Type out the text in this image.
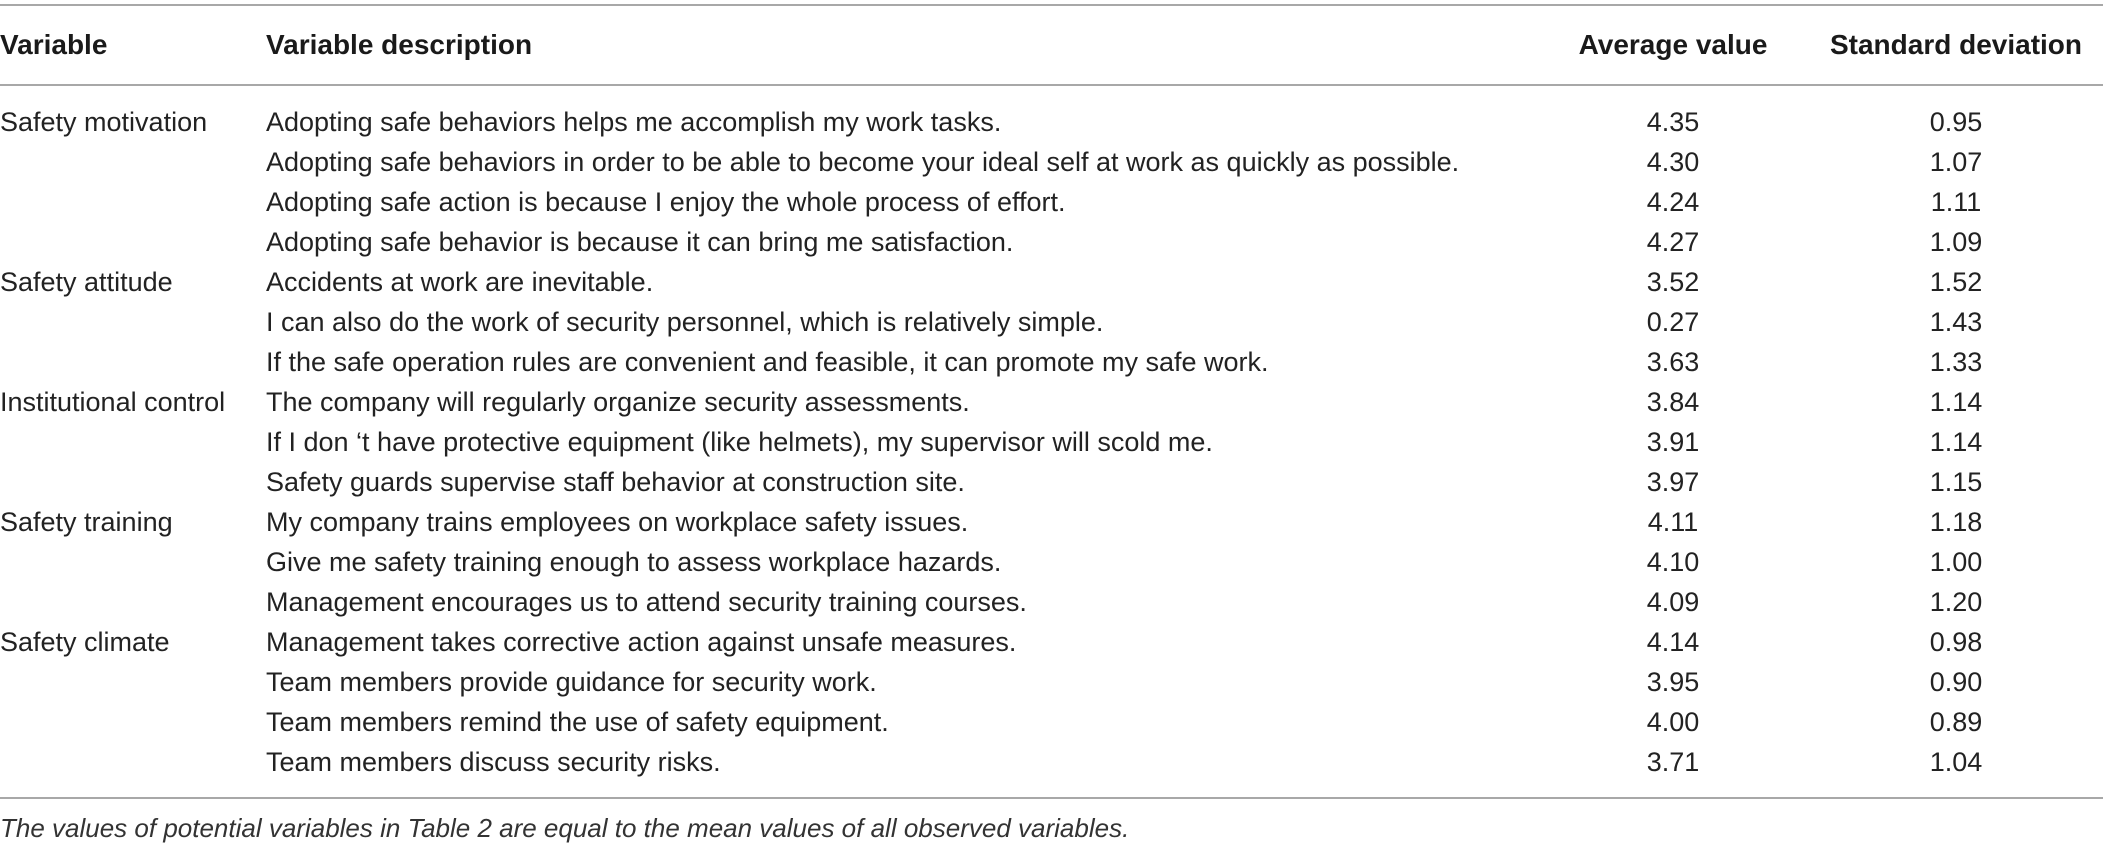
Variable	Variable description	Average value	Standard deviation
Safety motivation	Adopting safe behaviors helps me accomplish my work tasks.	4.35	0.95
	Adopting safe behaviors in order to be able to become your ideal self at work as quickly as possible.	4.30	1.07
	Adopting safe action is because I enjoy the whole process of effort.	4.24	1.11
	Adopting safe behavior is because it can bring me satisfaction.	4.27	1.09
Safety attitude	Accidents at work are inevitable.	3.52	1.52
	I can also do the work of security personnel, which is relatively simple.	0.27	1.43
	If the safe operation rules are convenient and feasible, it can promote my safe work.	3.63	1.33
Institutional control	The company will regularly organize security assessments.	3.84	1.14
	If I don ‘t have protective equipment (like helmets), my supervisor will scold me.	3.91	1.14
	Safety guards supervise staff behavior at construction site.	3.97	1.15
Safety training	My company trains employees on workplace safety issues.	4.11	1.18
	Give me safety training enough to assess workplace hazards.	4.10	1.00
	Management encourages us to attend security training courses.	4.09	1.20
Safety climate	Management takes corrective action against unsafe measures.	4.14	0.98
	Team members provide guidance for security work.	3.95	0.90
	Team members remind the use of safety equipment.	4.00	0.89
	Team members discuss security risks.	3.71	1.04
The values of potential variables in Table 2 are equal to the mean values of all observed variables.
